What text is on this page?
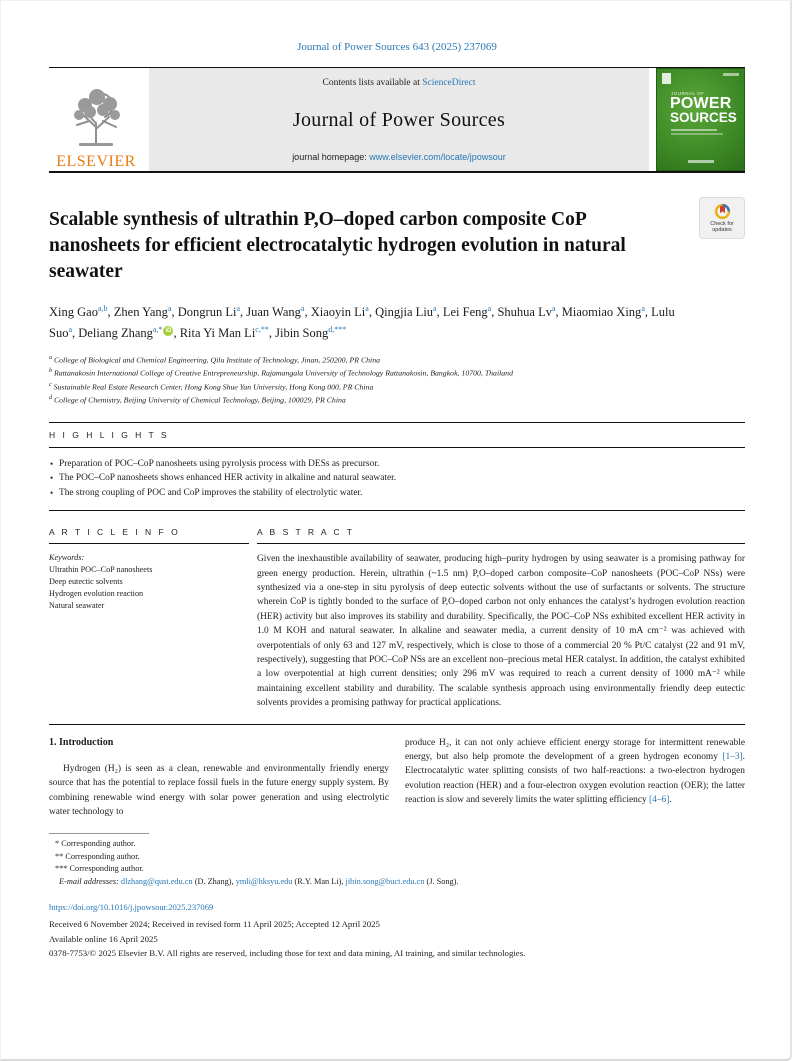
Journal of Power Sources 643 (2025) 237069
ELSEVIER
Contents lists available at ScienceDirect
Journal of Power Sources
journal homepage: www.elsevier.com/locate/jpowsour
JOURNAL OF
POWER
SOURCES
Scalable synthesis of ultrathin P,O–doped carbon composite CoP nanosheets for efficient electrocatalytic hydrogen evolution in natural seawater
Check for
updates

Xing Gao$^{a,b}$ , Zhen Yang$^a$ , Dongrun Li$^a$ , Juan Wang$^a$ , Xiaoyin Li$^a$ , Qingjia Liu$^a$ , Lei Feng$^a$ , Shuhua Lv$^a$ , Miaomiao Xing$^a$ , Lulu Suo$^a$ , Deliang Zhang$^{a,*}$ iD , Rita Yi Man $Li^{c,**}$ , Jibin Song$^{d,***}$

$^a$ College of Biological and Chemical Engineering, Qilu Institute of Technology, Jinan, 250200, PR China
$^b$ Rattanakosin International College of Creative Entrepreneurship, Rajamangala University of Technology Rattanakosin, Bangkok, 10700, Thailand
$^c$ Sustainable Real Estate Research Center, Hong Kong Shue Yan University, Hong Kong 000, PR China
$^d$ College of Chemistry, Beijing University of Chemical Technology, Beijing, 100029, PR China
H I G H L I G H T S
• Preparation of POC–CoP nanosheets using pyrolysis process with DESs as precursor.
• The POC–CoP nanosheets shows enhanced HER activity in alkaline and natural seawater.
• The strong coupling of POC and CoP improves the stability of electrolytic water.
A R T I C L E I N F O
Keywords:
Ultrathin POC–CoP nanosheets
Deep eutectic solvents
Hydrogen evolution reaction
Natural seawater
A B S T R A C T
Given the inexhaustible availability of seawater, producing high–purity hydrogen by using seawater is a promising pathway for green energy production. Herein, ultrathin (~1.5 nm) P,O–doped carbon composite–CoP nanosheets (POC–CoP NSs) were synthesized via a one-step in situ pyrolysis of deep eutectic solvents without the use of surfactants or solvents. The structure wherein CoP is tightly bonded to the surface of P,O–doped carbon not only enhances the catalyst’s hydrogen evolution reaction (HER) activity but also improves its stability and durability. Specifically, the POC–CoP NSs exhibited excellent HER activity in 1.0 M KOH and natural seawater. In alkaline and seawater media, a current density of 10 mA cm⁻² was achieved with overpotentials of only 63 and 127 mV, respectively, which is close to those of a commercial 20 % Pt/C catalyst (22 and 91 mV, respectively), suggesting that POC–CoP NSs are an excellent non–precious metal HER catalyst. In addition, the catalyst exhibited a low overpotential at high current densities; only 296 mV was required to reach a current density of 1000 mA⁻² while maintaining excellent stability and durability. The scalable synthesis approach using environmentally friendly deep eutectic solvents provides a promising pathway for practical applications.
1. Introduction

Hydrogen (H₂) is seen as a clean, renewable and environmentally friendly energy source that has the potential to replace fossil fuels in the future energy supply system. By combining renewable wind energy with solar power generation and using electrolytic water technology to

produce H₂, it can not only achieve efficient energy storage for intermittent renewable energy, but also help promote the development of a green hydrogen economy [1–3]. Electrocatalytic water splitting consists of two half-reactions: a two-electron hydrogen evolution reaction (HER) and a four-electron oxygen evolution reaction (OER); the latter reaction is slow and severely limits the water splitting efficiency [4–6].

* Corresponding author.
** Corresponding author.
*** Corresponding author.
E-mail addresses: dlzhang@qust.edu.cn (D. Zhang), ymli@hksyu.edu (R.Y. Man Li), jibin.song@buct.edu.cn (J. Song).
https://doi.org/10.1016/j.jpowsour.2025.237069
Received 6 November 2024; Received in revised form 11 April 2025; Accepted 12 April 2025
Available online 16 April 2025
0378-7753/© 2025 Elsevier B.V. All rights are reserved, including those for text and data mining, AI training, and similar technologies.
